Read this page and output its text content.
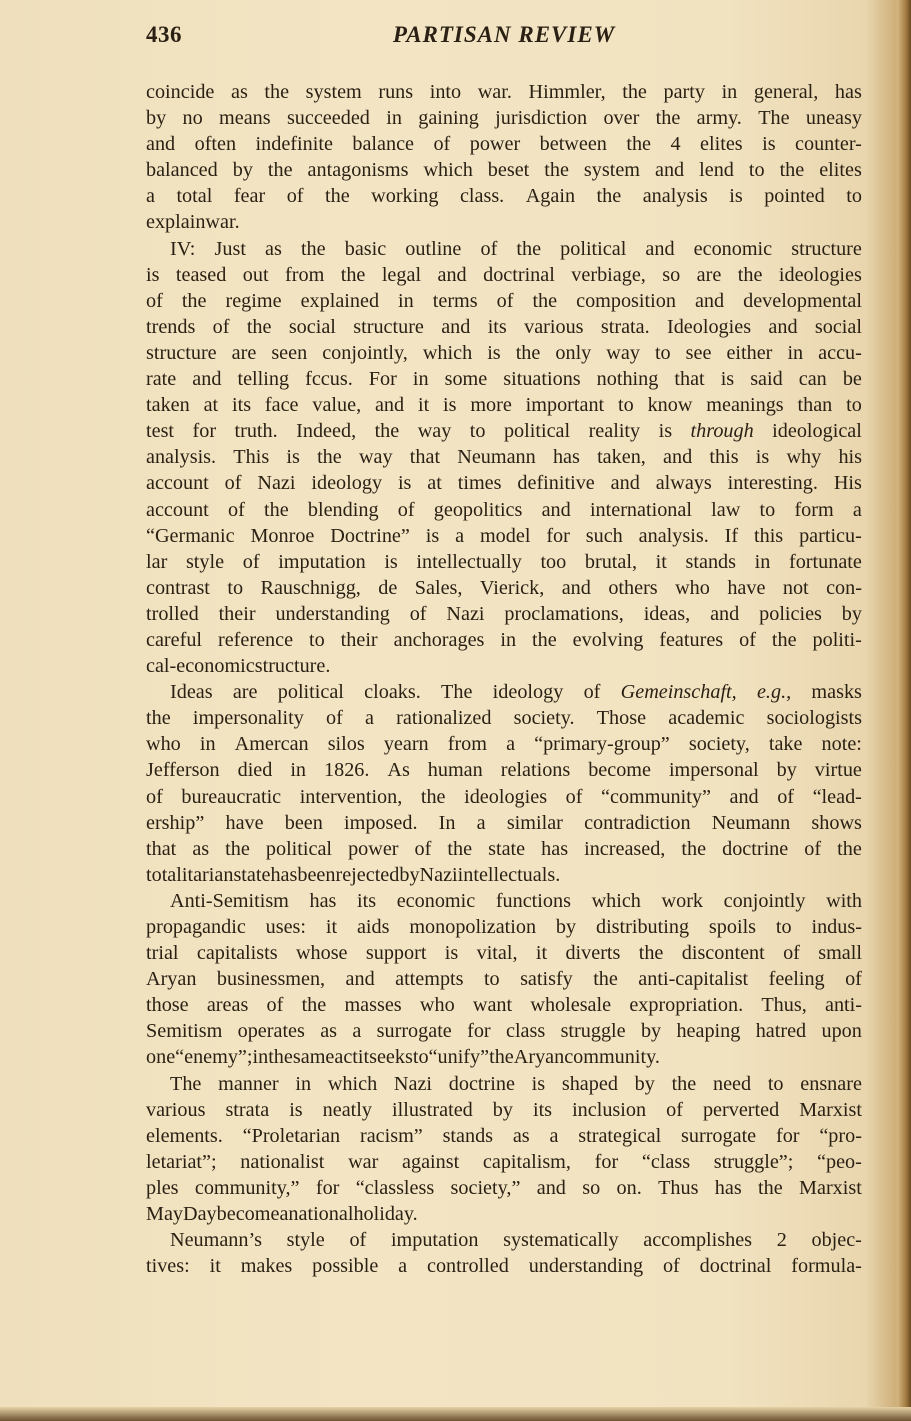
436	PARTISAN REVIEW
coincide as the system runs into war. Himmler, the party in general, has
by no means succeeded in gaining jurisdiction over the army. The uneasy
and often indefinite balance of power between the 4 elites is counter-
balanced by the antagonisms which beset the system and lend to the elites
a total fear of the working class. Again the analysis is pointed to
explain war.
IV: Just as the basic outline of the political and economic structure
is teased out from the legal and doctrinal verbiage, so are the ideologies
of the regime explained in terms of the composition and developmental
trends of the social structure and its various strata. Ideologies and social
structure are seen conjointly, which is the only way to see either in accu-
rate and telling fccus. For in some situations nothing that is said can be
taken at its face value, and it is more important to know meanings than to
test for truth. Indeed, the way to political reality is through ideological
analysis. This is the way that Neumann has taken, and this is why his
account of Nazi ideology is at times definitive and always interesting. His
account of the blending of geopolitics and international law to form a
“Germanic Monroe Doctrine” is a model for such analysis. If this particu-
lar style of imputation is intellectually too brutal, it stands in fortunate
contrast to Rauschnigg, de Sales, Vierick, and others who have not con-
trolled their understanding of Nazi proclamations, ideas, and policies by
careful reference to their anchorages in the evolving features of the politi-
cal-economic structure.
Ideas are political cloaks. The ideology of Gemeinschaft, e.g., masks
the impersonality of a rationalized society. Those academic sociologists
who in Amercan silos yearn from a “primary-group” society, take note:
Jefferson died in 1826. As human relations become impersonal by virtue
of bureaucratic intervention, the ideologies of “community” and of “lead-
ership” have been imposed. In a similar contradiction Neumann shows
that as the political power of the state has increased, the doctrine of the
totalitarian state has been rejected by Nazi intellectuals.
Anti-Semitism has its economic functions which work conjointly with
propagandic uses: it aids monopolization by distributing spoils to indus-
trial capitalists whose support is vital, it diverts the discontent of small
Aryan businessmen, and attempts to satisfy the anti-capitalist feeling of
those areas of the masses who want wholesale expropriation. Thus, anti-
Semitism operates as a surrogate for class struggle by heaping hatred upon
one “enemy”; in the same act it seeks to “unify” the Aryan community.
The manner in which Nazi doctrine is shaped by the need to ensnare
various strata is neatly illustrated by its inclusion of perverted Marxist
elements. “Proletarian racism” stands as a strategical surrogate for “pro-
letariat”; nationalist war against capitalism, for “class struggle”; “peo-
ples community,” for “classless society,” and so on. Thus has the Marxist
May Day become a national holiday.
Neumann’s style of imputation systematically accomplishes 2 objec-
tives: it makes possible a controlled understanding of doctrinal formula-
